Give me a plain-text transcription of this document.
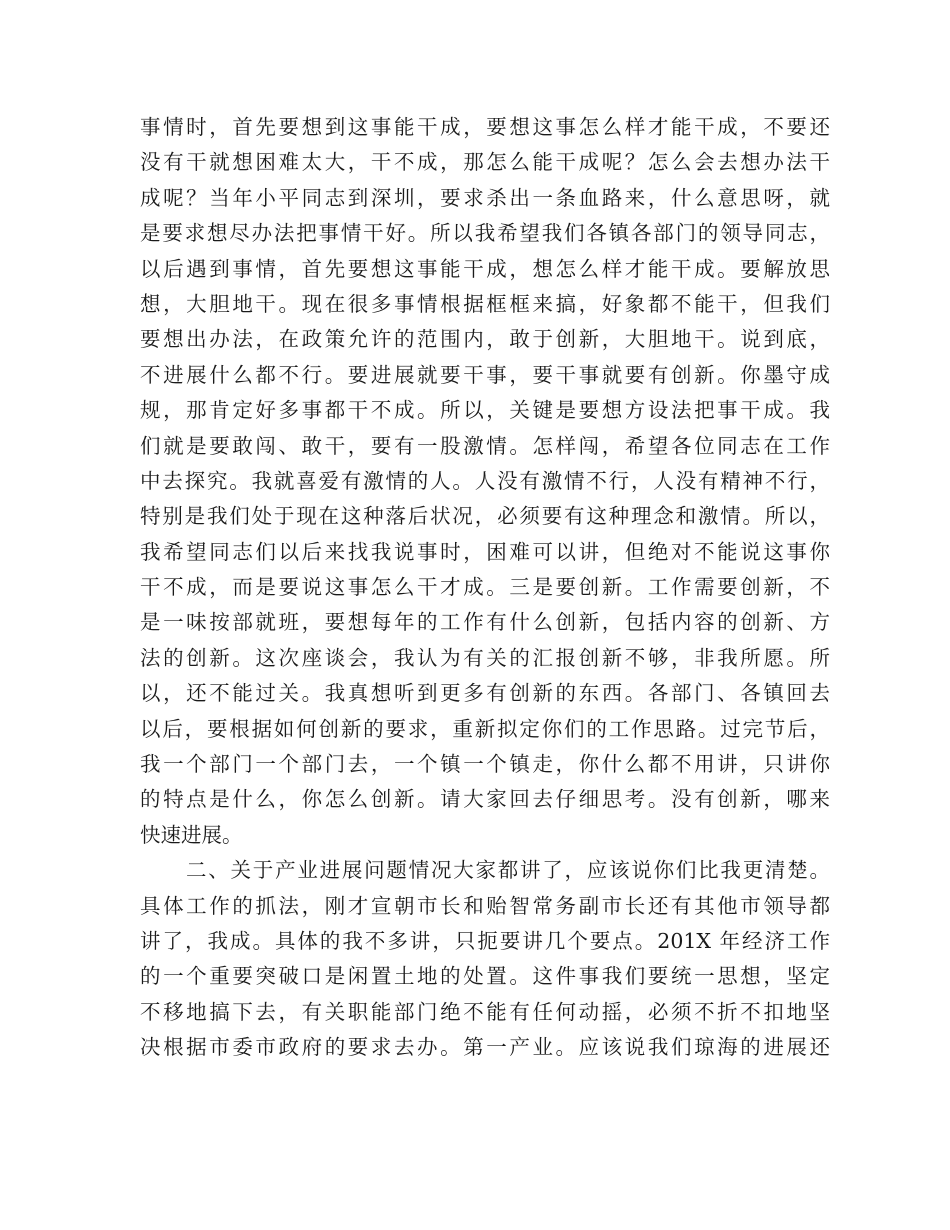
事情时，首先要想到这事能干成，要想这事怎么样才能干成，不要还
没有干就想困难太大，干不成，那怎么能干成呢？怎么会去想办法干
成呢？当年小平同志到深圳，要求杀出一条血路来，什么意思呀，就
是要求想尽办法把事情干好。所以我希望我们各镇各部门的领导同志，
以后遇到事情，首先要想这事能干成，想怎么样才能干成。要解放思
想，大胆地干。现在很多事情根据框框来搞，好象都不能干，但我们
要想出办法，在政策允许的范围内，敢于创新，大胆地干。说到底，
不进展什么都不行。要进展就要干事，要干事就要有创新。你墨守成
规，那肯定好多事都干不成。所以，关键是要想方设法把事干成。我
们就是要敢闯、敢干，要有一股激情。怎样闯，希望各位同志在工作
中去探究。我就喜爱有激情的人。人没有激情不行，人没有精神不行，
特别是我们处于现在这种落后状况，必须要有这种理念和激情。所以，
我希望同志们以后来找我说事时，困难可以讲，但绝对不能说这事你
干不成，而是要说这事怎么干才成。三是要创新。工作需要创新，不
是一味按部就班，要想每年的工作有什么创新，包括内容的创新、方
法的创新。这次座谈会，我认为有关的汇报创新不够，非我所愿。所
以，还不能过关。我真想听到更多有创新的东西。各部门、各镇回去
以后，要根据如何创新的要求，重新拟定你们的工作思路。过完节后，
我一个部门一个部门去，一个镇一个镇走，你什么都不用讲，只讲你
的特点是什么，你怎么创新。请大家回去仔细思考。没有创新，哪来
快速进展。
二、关于产业进展问题情况大家都讲了，应该说你们比我更清楚。
具体工作的抓法，刚才宣朝市长和贻智常务副市长还有其他市领导都
讲了，我成。具体的我不多讲，只扼要讲几个要点。201X 年经济工作
的一个重要突破口是闲置土地的处置。这件事我们要统一思想，坚定
不移地搞下去，有关职能部门绝不能有任何动摇，必须不折不扣地坚
决根据市委市政府的要求去办。第一产业。应该说我们琼海的进展还
